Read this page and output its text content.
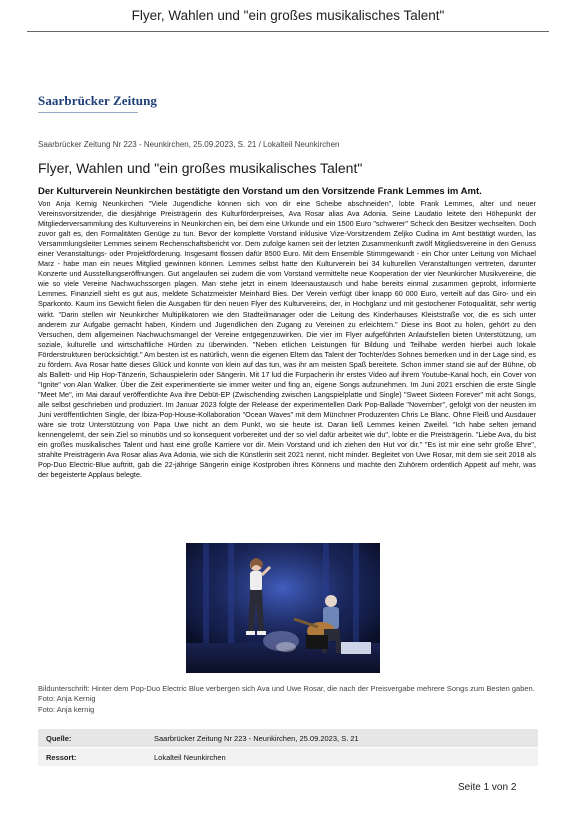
Flyer, Wahlen und "ein großes musikalisches Talent"
Saarbrücker Zeitung
Saarbrücker Zeitung Nr 223 - Neunkirchen, 25.09.2023, S. 21 / Lokalteil Neunkirchen
Flyer, Wahlen und "ein großes musikalisches Talent"

Der Kulturverein Neunkirchen bestätigte den Vorstand um den Vorsitzende Frank Lemmes im Amt.

Von Anja Kernig Neunkirchen "Viele Jugendliche können sich von dir eine Scheibe abschneiden", lobte Frank Lemmes, alter und neuer Vereinsvorsitzender, die diesjährige Preisträgerin des Kulturförderpreises, Ava Rosar alias Ava Adonia. Seine Laudatio leitete den Höhepunkt der Mitgliederversammlung des Kulturvereins in Neunkirchen ein, bei dem eine Urkunde und ein 1500 Euro "schwerer" Scheck den Besitzer wechselten. Doch zuvor galt es, den Formalitäten Genüge zu tun. Bevor der komplette Vorstand inklusive Vize-Vorsitzendem Zeljko Cudina im Amt bestätigt wurden, las Versammlungsleiter Lemmes seinem Rechenschaftsbericht vor. Dem zufolge kamen seit der letzten Zusammenkunft zwölf Mitgliedsvereine in den Genuss einer Veranstaltungs- oder Projektförderung. Insgesamt flossen dafür 8500 Euro. Mit dem Ensemble Stimmgewandt - ein Chor unter Leitung von Michael Marz - habe man ein neues Mitglied gewinnen können. Lemmes selbst hatte den Kulturverein bei 34 kulturellen Veranstaltungen vertreten, darunter Konzerte und Ausstellungseröffnungen. Gut angelaufen sei zudem die vom Vorstand vermittelte neue Kooperation der vier Neunkircher Musikvereine, die wie so viele Vereine Nachwuchssorgen plagen. Man stehe jetzt in einem Ideenaustausch und habe bereits einmal zusammen geprobt, informierte Lemmes. Finanziell sieht es gut aus, meldete Schatzmeister Meinhard Bies. Der Verein verfügt über knapp 60 000 Euro, verteilt auf das Giro- und ein Sparkonto. Kaum ins Gewicht fielen die Ausgaben für den neuen Flyer des Kulturvereins, der, in Hochglanz und mit gestochener Fotoqualität, sehr wertig wirkt. "Darin stellen wir Neunkircher Multiplikatoren wie den Stadteilmanager oder die Leitung des Kinderhauses Kleiststraße vor, die es sich unter anderem zur Aufgabe gemacht haben, Kindern und Jugendlichen den Zugang zu Vereinen zu erleichtern." Diese ins Boot zu holen, gehört zu den Versuchen, dem allgemeinen Nachwuchsmangel der Vereine entgegenzuwirken. Die vier im Flyer aufgeführten Anlaufstellen bieten Unterstützung, um soziale, kulturelle und wirtschaftliche Hürden zu überwinden. "Neben etlichen Leistungen für Bildung und Teilhabe werden hierbei auch lokale Förderstrukturen berücksichtigt." Am besten ist es natürlich, wenn die eigenen Eltern das Talent der Tochter/des Sohnes bemerken und in der Lage sind, es zu fördern. Ava Rosar hatte dieses Glück und konnte von klein auf das tun, was ihr am meisten Spaß bereitete. Schon immer stand sie auf der Bühne, ob als Ballett- und Hip Hop-Tänzerin, Schauspielerin oder Sängerin. Mit 17 lud die Furpacherin ihr erstes Video auf ihrem Youtube-Kanal hoch, ein Cover von "Ignite" von Alan Walker. Über die Zeit experimentierte sie immer weiter und fing an, eigene Songs aufzunehmen. Im Juni 2021 erschien die erste Single "Meet Me", im Mai darauf veröffentlichte Ava ihre Debüt-EP (Zwischending zwischen Langspielplatte und Single) "Sweet Sixteen Forever" mit acht Songs, alle selbst geschrieben und produziert. Im Januar 2023 folgte der Release der experimentellen Dark Pop-Ballade "November", gefolgt von der neusten im Juni veröffentlichten Single, der Ibiza-Pop-House-Kollaboration "Ocean Waves" mit dem Münchner Produzenten Chris Le Blanc. Ohne Fleiß und Ausdauer wäre sie trotz Unterstützung von Papa Uwe nicht an dem Punkt, wo sie heute ist. Daran ließ Lemmes keinen Zweifel. "Ich habe selten jemand kennengelernt, der sein Ziel so minutiös und so konsequent vorbereitet und der so viel dafür arbeitet wie du", lobte er die Preisträgerin. "Liebe Ava, du bist ein großes musikalisches Talent und hast eine große Karriere vor dir. Mein Vorstand und ich ziehen den Hut vor dir." "Es ist mir eine sehr große Ehre", strahlte Preisträgerin Ava Rosar alias Ava Adonia, wie sich die Künstlerin seit 2021 nennt, nicht minder. Begleitet von Uwe Rosar, mit dem sie seit 2018 als Pop-Duo Electric-Blue auftritt, gab die 22-jährige Sängerin einige Kostproben ihres Könnens und machte den Zuhörern ordentlich Appetit auf mehr, was der begeisterte Applaus belegte.

Bildunterschrift: Hinter dem Pop-Duo Electric Blue verbergen sich Ava und Uwe Rosar, die nach der Preisvergabe mehrere Songs zum Besten gaben. Foto: Anja Kernig

Foto: Anja kernig

Quelle:	Saarbrücker Zeitung Nr 223 - Neunkirchen, 25.09.2023, S. 21
Ressort:	Lokalteil Neunkirchen
Seite 1 von 2
